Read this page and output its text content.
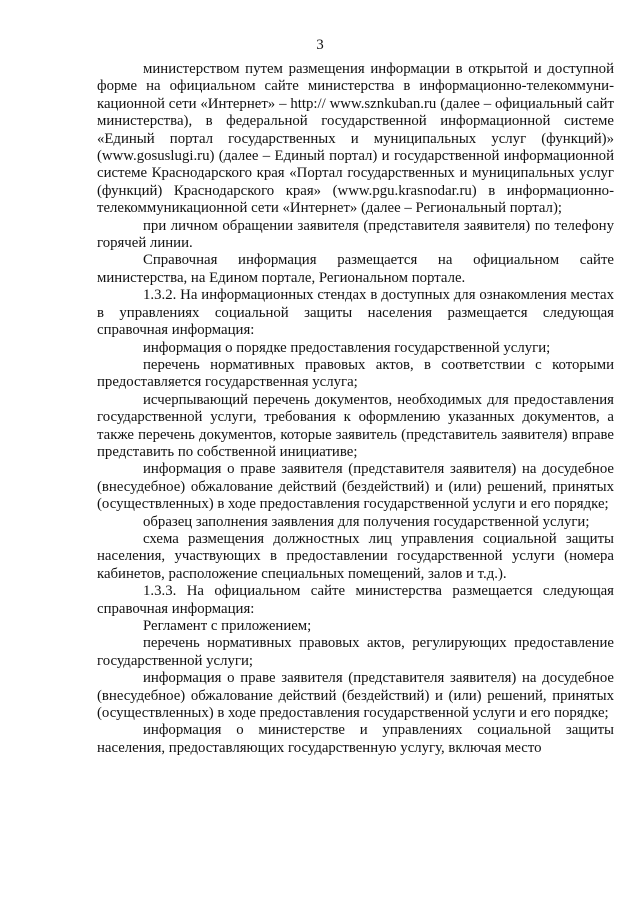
3

министерством путем размещения информации в открытой и доступной форме на официальном сайте министерства в информационно-телекоммуни-кационной сети «Интернет» – http:// www.sznkuban.ru (далее – официальный сайт министерства), в федеральной государственной информационной системе «Единый портал государственных и муниципальных услуг (функций)» (www.gosuslugi.ru) (далее – Единый портал) и государственной информационной системе Краснодарского края «Портал государственных и муниципальных услуг (функций) Краснодарского края» (www.pgu.krasnodar.ru) в информационно-телекоммуникационной сети «Интернет» (далее – Региональный портал);

при личном обращении заявителя (представителя заявителя) по телефону горячей линии.

Справочная информация размещается на официальном сайте министерства, на Едином портале, Региональном портале.

1.3.2. На информационных стендах в доступных для ознакомления местах в управлениях социальной защиты населения размещается следующая справочная информация:

информация о порядке предоставления государственной услуги;

перечень нормативных правовых актов, в соответствии с которыми предоставляется государственная услуга;

исчерпывающий перечень документов, необходимых для предоставления государственной услуги, требования к оформлению указанных документов, а также перечень документов, которые заявитель (представитель заявителя) вправе представить по собственной инициативе;

информация о праве заявителя (представителя заявителя) на досудебное (внесудебное) обжалование действий (бездействий) и (или) решений, принятых (осуществленных) в ходе предоставления государственной услуги и его порядке;

образец заполнения заявления для получения государственной услуги;

схема размещения должностных лиц управления социальной защиты населения, участвующих в предоставлении государственной услуги (номера кабинетов, расположение специальных помещений, залов и т.д.).

1.3.3. На официальном сайте министерства размещается следующая справочная информация:

Регламент с приложением;

перечень нормативных правовых актов, регулирующих предоставление государственной услуги;

информация о праве заявителя (представителя заявителя) на досудебное (внесудебное) обжалование действий (бездействий) и (или) решений, принятых (осуществленных) в ходе предоставления государственной услуги и его порядке;

информация о министерстве и управлениях социальной защиты населения, предоставляющих государственную услугу, включая место
